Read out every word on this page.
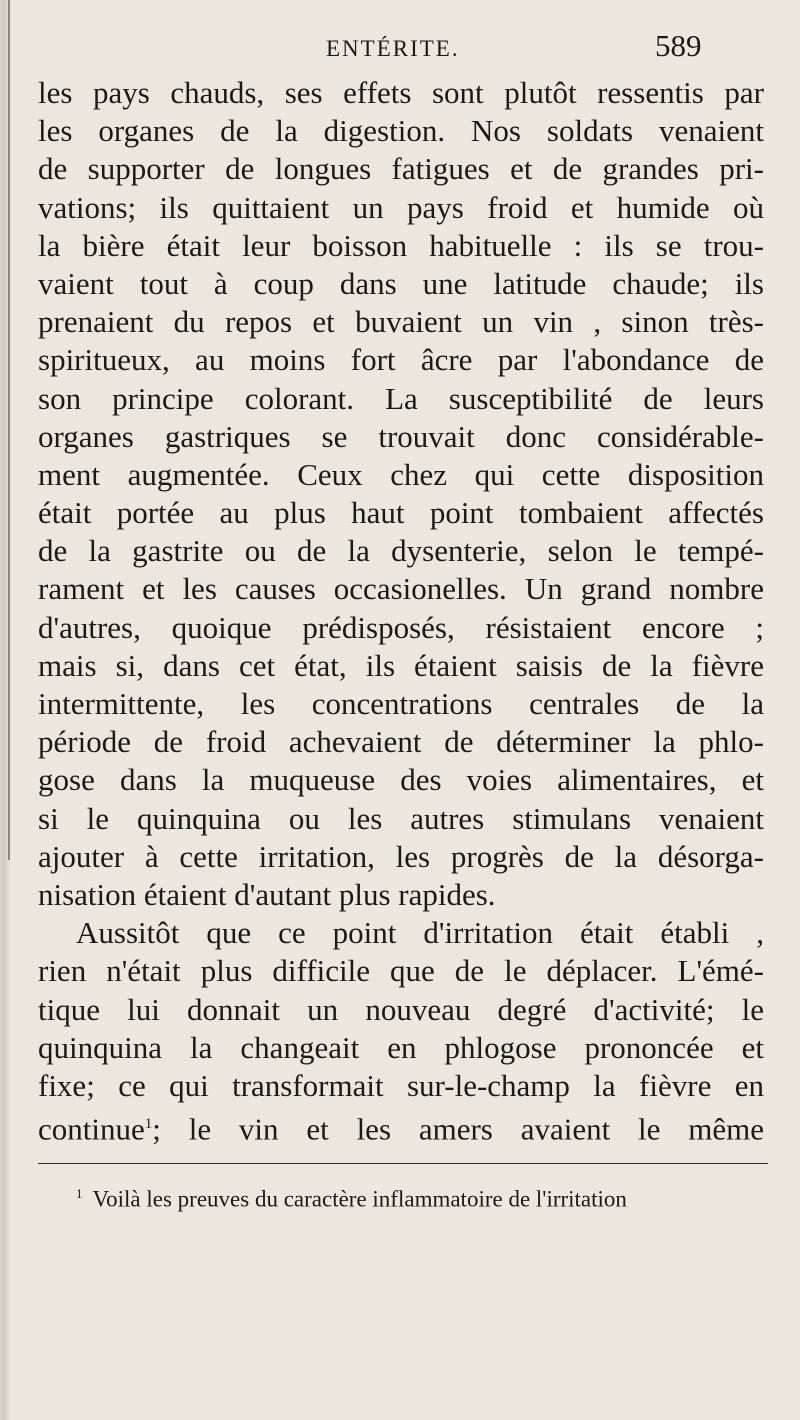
ENTÉRITE.	589
les pays chauds, ses effets sont plutôt ressentis par
les organes de la digestion. Nos soldats venaient
de supporter de longues fatigues et de grandes pri-
vations; ils quittaient un pays froid et humide où
la bière était leur boisson habituelle : ils se trou-
vaient tout à coup dans une latitude chaude; ils
prenaient du repos et buvaient un vin , sinon très-
spiritueux, au moins fort âcre par l'abondance de
son principe colorant. La susceptibilité de leurs
organes gastriques se trouvait donc considérable-
ment augmentée. Ceux chez qui cette disposition
était portée au plus haut point tombaient affectés
de la gastrite ou de la dysenterie, selon le tempé-
rament et les causes occasionelles. Un grand nombre
d'autres, quoique prédisposés, résistaient encore ;
mais si, dans cet état, ils étaient saisis de la fièvre
intermittente, les concentrations centrales de la
période de froid achevaient de déterminer la phlo-
gose dans la muqueuse des voies alimentaires, et
si le quinquina ou les autres stimulans venaient
ajouter à cette irritation, les progrès de la désorga-
nisation étaient d'autant plus rapides.
Aussitôt que ce point d'irritation était établi ,
rien n'était plus difficile que de le déplacer. L'émé-
tique lui donnait un nouveau degré d'activité; le
quinquina la changeait en phlogose prononcée et
fixe; ce qui transformait sur-le-champ la fièvre en
continue$^1$; le vin et les amers avaient le même
$^1$ Voilà les preuves du caractère inflammatoire de l'irritation
